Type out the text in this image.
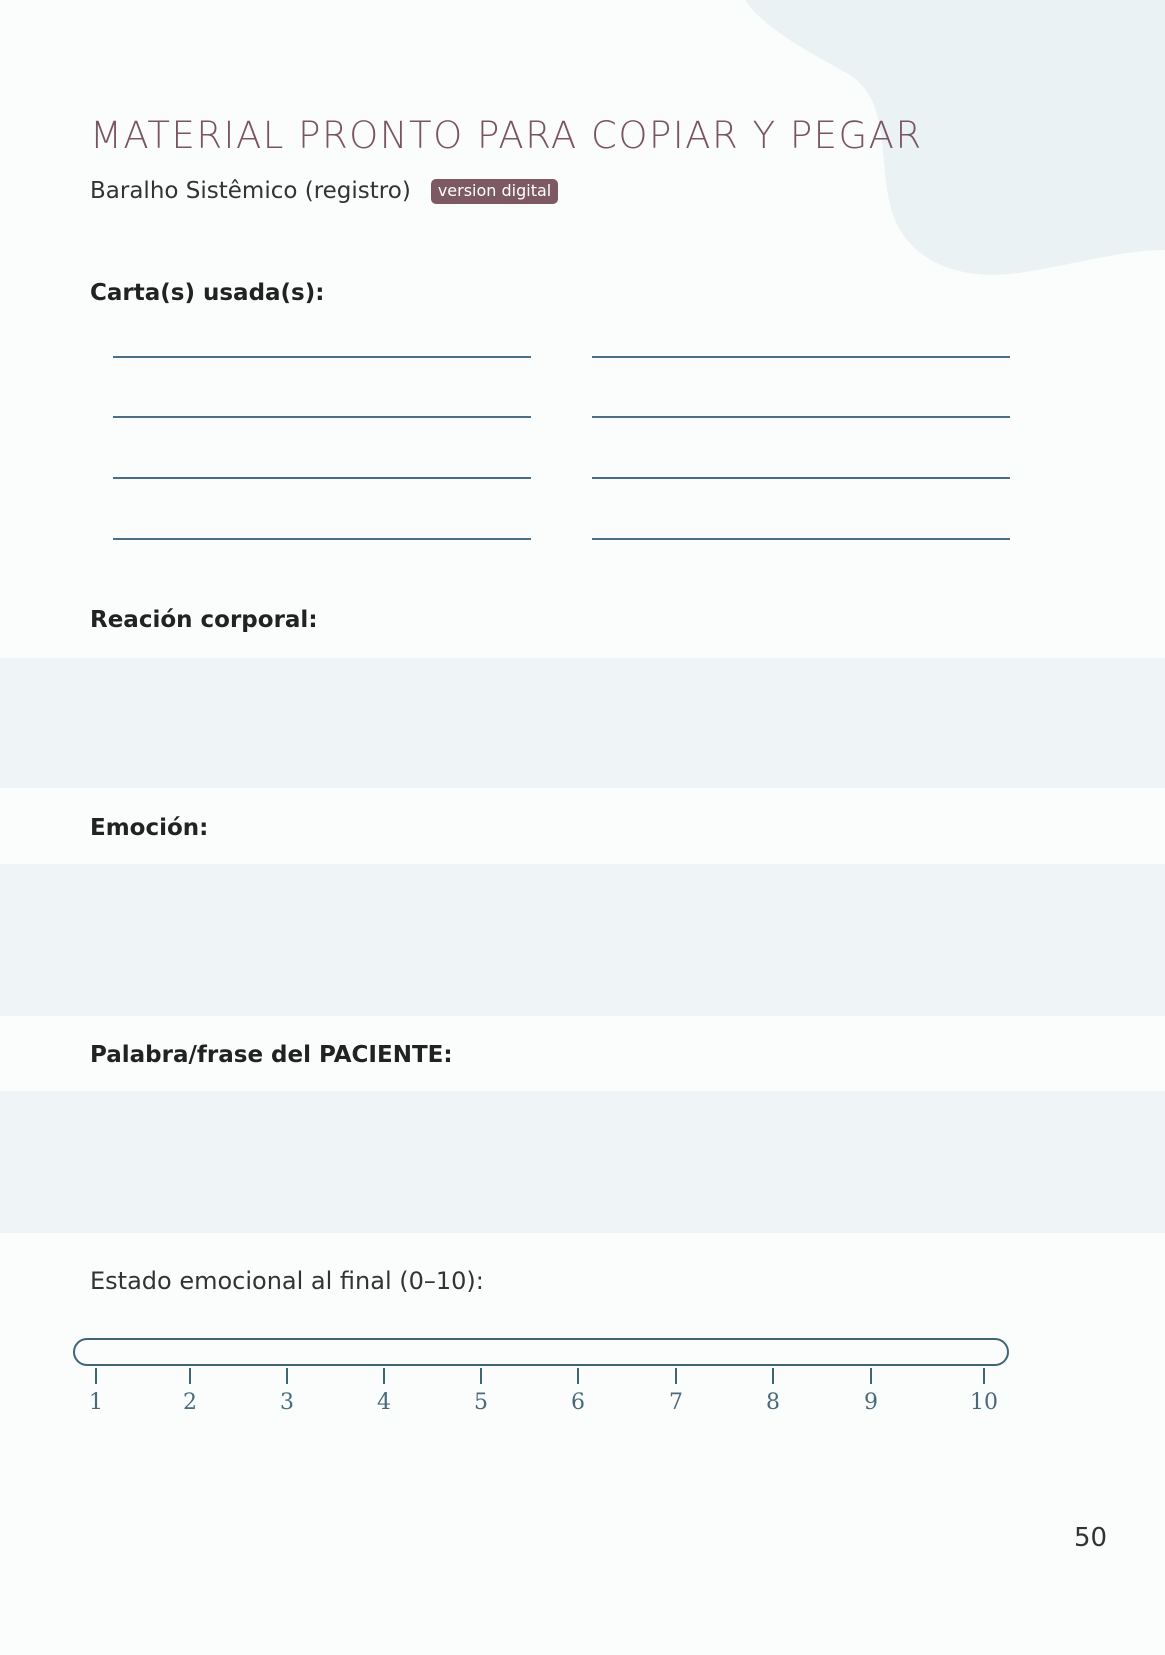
MATERIAL PRONTO PARA COPIAR Y PEGAR
Baralho Sistêmico (registro)	version digital

Carta(s) usada(s):

Reación corporal:

Emoción:

Palabra/frase del PACIENTE:

Estado emocional al final (0–10):

1	2	3	4	5	6	7	8	9	10

50
